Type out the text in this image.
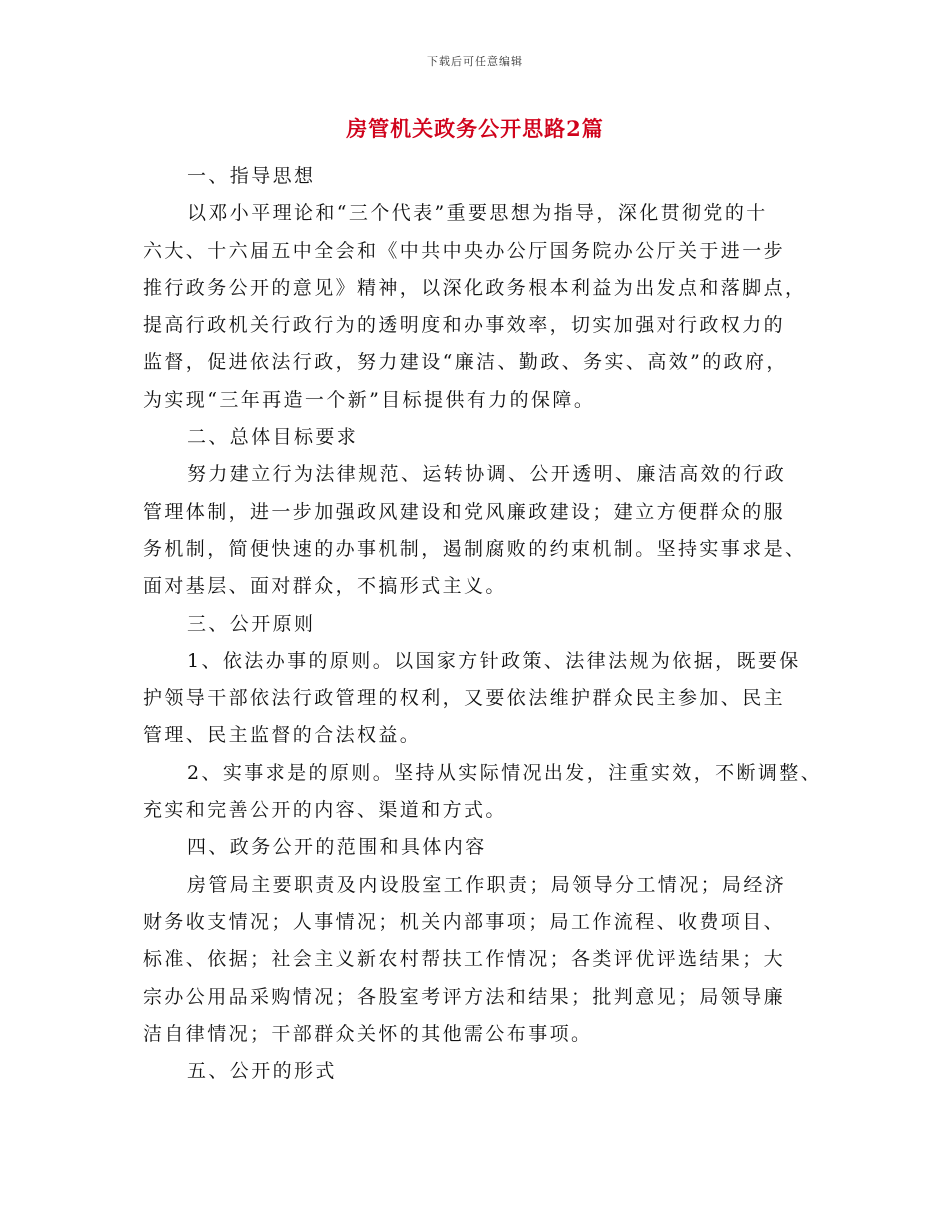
下载后可任意编辑
房管机关政务公开思路2篇
一、指导思想
以邓小平理论和“三个代表”重要思想为指导，深化贯彻党的十
六大、十六届五中全会和《中共中央办公厅国务院办公厅关于进一步
推行政务公开的意见》精神，以深化政务根本利益为出发点和落脚点，
提高行政机关行政行为的透明度和办事效率，切实加强对行政权力的
监督，促进依法行政，努力建设“廉洁、勤政、务实、高效”的政府，
为实现“三年再造一个新”目标提供有力的保障。
二、总体目标要求
努力建立行为法律规范、运转协调、公开透明、廉洁高效的行政
管理体制，进一步加强政风建设和党风廉政建设；建立方便群众的服
务机制，简便快速的办事机制，遏制腐败的约束机制。坚持实事求是、
面对基层、面对群众，不搞形式主义。
三、公开原则
1、依法办事的原则。以国家方针政策、法律法规为依据，既要保
护领导干部依法行政管理的权利，又要依法维护群众民主参加、民主
管理、民主监督的合法权益。
2、实事求是的原则。坚持从实际情况出发，注重实效，不断调整、
充实和完善公开的内容、渠道和方式。
四、政务公开的范围和具体内容
房管局主要职责及内设股室工作职责；局领导分工情况；局经济
财务收支情况；人事情况；机关内部事项；局工作流程、收费项目、
标准、依据；社会主义新农村帮扶工作情况；各类评优评选结果；大
宗办公用品采购情况；各股室考评方法和结果；批判意见；局领导廉
洁自律情况；干部群众关怀的其他需公布事项。
五、公开的形式
